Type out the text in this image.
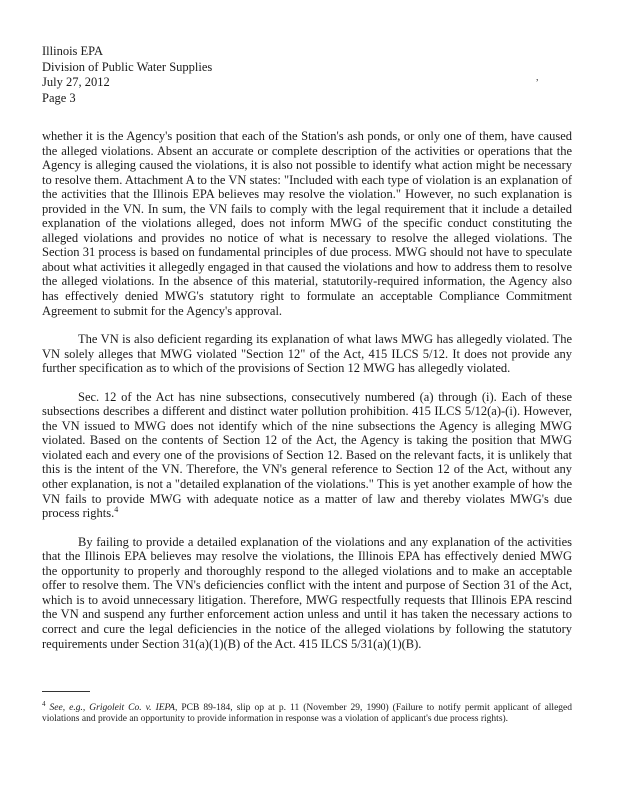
Illinois EPA
Division of Public Water Supplies
July 27, 2012
Page 3
,

whether it is the Agency's position that each of the Station's ash ponds, or only one of them, have caused the alleged violations. Absent an accurate or complete description of the activities or operations that the Agency is alleging caused the violations, it is also not possible to identify what action might be necessary to resolve them. Attachment A to the VN states: "Included with each type of violation is an explanation of the activities that the Illinois EPA believes may resolve the violation." However, no such explanation is provided in the VN. In sum, the VN fails to comply with the legal requirement that it include a detailed explanation of the violations alleged, does not inform MWG of the specific conduct constituting the alleged violations and provides no notice of what is necessary to resolve the alleged violations. The Section 31 process is based on fundamental principles of due process. MWG should not have to speculate about what activities it allegedly engaged in that caused the violations and how to address them to resolve the alleged violations. In the absence of this material, statutorily-required information, the Agency also has effectively denied MWG's statutory right to formulate an acceptable Compliance Commitment Agreement to submit for the Agency's approval.

The VN is also deficient regarding its explanation of what laws MWG has allegedly violated. The VN solely alleges that MWG violated "Section 12" of the Act, 415 ILCS 5/12. It does not provide any further specification as to which of the provisions of Section 12 MWG has allegedly violated.

Sec. 12 of the Act has nine subsections, consecutively numbered (a) through (i). Each of these subsections describes a different and distinct water pollution prohibition. 415 ILCS 5/12(a)-(i). However, the VN issued to MWG does not identify which of the nine subsections the Agency is alleging MWG violated. Based on the contents of Section 12 of the Act, the Agency is taking the position that MWG violated each and every one of the provisions of Section 12. Based on the relevant facts, it is unlikely that this is the intent of the VN. Therefore, the VN's general reference to Section 12 of the Act, without any other explanation, is not a "detailed explanation of the violations." This is yet another example of how the VN fails to provide MWG with adequate notice as a matter of law and thereby violates MWG's due process rights.$^4$

By failing to provide a detailed explanation of the violations and any explanation of the activities that the Illinois EPA believes may resolve the violations, the Illinois EPA has effectively denied MWG the opportunity to properly and thoroughly respond to the alleged violations and to make an acceptable offer to resolve them. The VN's deficiencies conflict with the intent and purpose of Section 31 of the Act, which is to avoid unnecessary litigation. Therefore, MWG respectfully requests that Illinois EPA rescind the VN and suspend any further enforcement action unless and until it has taken the necessary actions to correct and cure the legal deficiencies in the notice of the alleged violations by following the statutory requirements under Section 31(a)(1)(B) of the Act. 415 ILCS 5/31(a)(1)(B).

$^4$ See, e.g., Grigoleit Co. v. IEPA, PCB 89-184, slip op at p. 11 (November 29, 1990) (Failure to notify permit applicant of alleged violations and provide an opportunity to provide information in response was a violation of applicant's due process rights).
